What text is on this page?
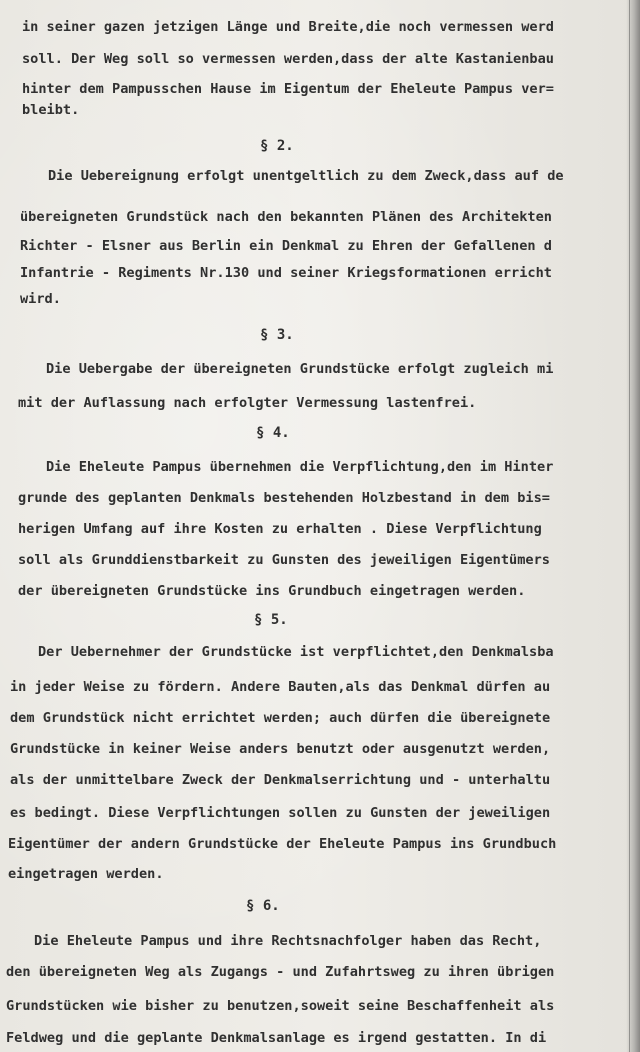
in seiner gazen jetzigen Länge und Breite,die noch vermessen werd
soll. Der Weg soll so vermessen werden,dass der alte Kastanienbau
hinter dem Pampusschen Hause im Eigentum der Eheleute Pampus ver=
bleibt.
§ 2.
Die Uebereignung erfolgt unentgeltlich zu dem Zweck,dass auf de
übereigneten Grundstück nach den bekannten Plänen des Architekten
Richter - Elsner aus Berlin ein Denkmal zu Ehren der Gefallenen d
Infantrie - Regiments Nr.130 und seiner Kriegsformationen erricht
wird.
§ 3.
Die Uebergabe der übereigneten Grundstücke erfolgt zugleich mi
mit der Auflassung nach erfolgter Vermessung lastenfrei.
§ 4.
Die Eheleute Pampus übernehmen die Verpflichtung,den im Hinter
grunde des geplanten Denkmals bestehenden Holzbestand in dem bis=
herigen Umfang auf ihre Kosten zu erhalten . Diese Verpflichtung
soll als Grunddienstbarkeit zu Gunsten des jeweiligen Eigentümers
der übereigneten Grundstücke ins Grundbuch eingetragen werden.
§ 5.
Der Uebernehmer der Grundstücke ist verpflichtet,den Denkmalsba
in jeder Weise zu fördern. Andere Bauten,als das Denkmal dürfen au
dem Grundstück nicht errichtet werden; auch dürfen die übereignete
Grundstücke in keiner Weise anders benutzt oder ausgenutzt werden,
als der unmittelbare Zweck der Denkmalserrichtung und - unterhaltu
es bedingt. Diese Verpflichtungen sollen zu Gunsten der jeweiligen
Eigentümer der andern Grundstücke der Eheleute Pampus ins Grundbuch
eingetragen werden.
§ 6.
Die Eheleute Pampus und ihre Rechtsnachfolger haben das Recht,
den übereigneten Weg als Zugangs - und Zufahrtsweg zu ihren übrigen
Grundstücken wie bisher zu benutzen,soweit seine Beschaffenheit als
Feldweg und die geplante Denkmalsanlage es irgend gestatten. In di
